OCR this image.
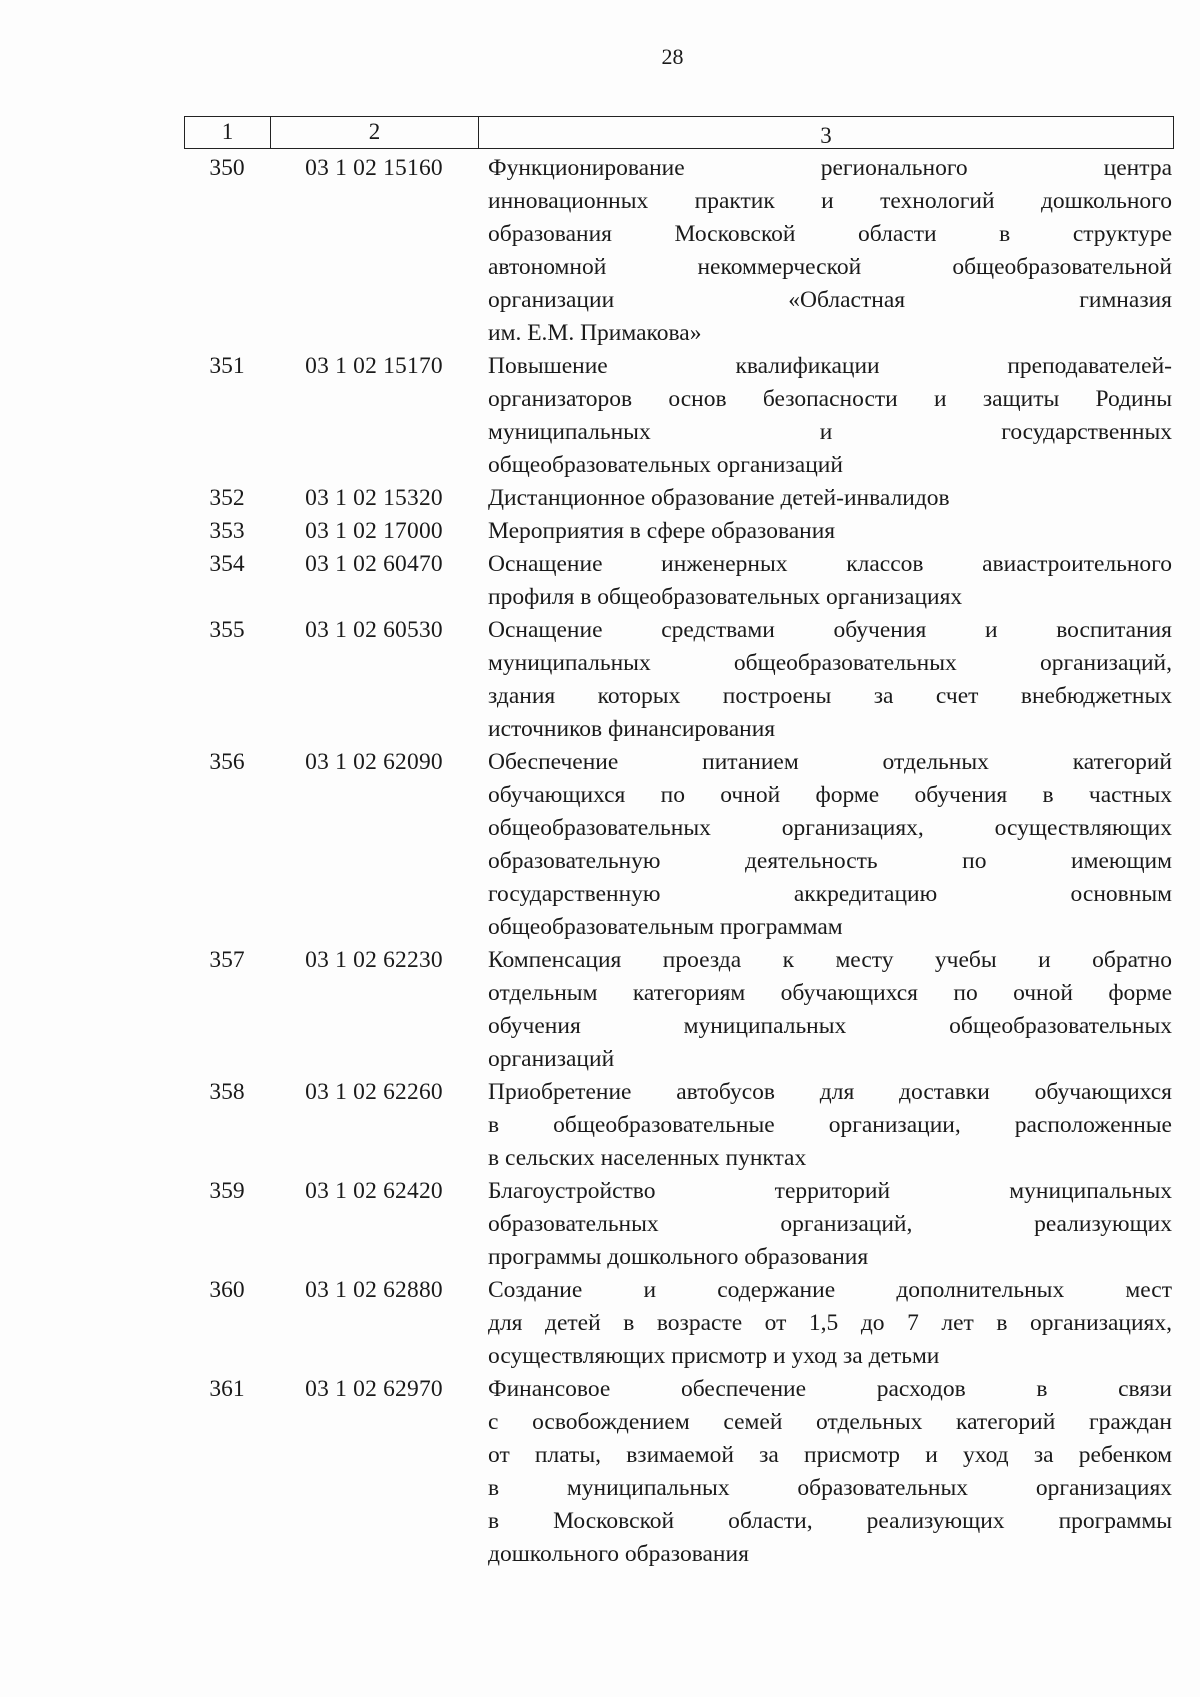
28
1	2	3
350	03 1 02 15160	Функционирование регионального центра
инновационных практик и технологий дошкольного
образования Московской области в структуре
автономной некоммерческой общеобразовательной
организации «Областная гимназия
им. Е.М. Примакова»
351	03 1 02 15170	Повышение квалификации преподавателей-
организаторов основ безопасности и защиты Родины
муниципальных и государственных
общеобразовательных организаций
352	03 1 02 15320	Дистанционное образование детей-инвалидов
353	03 1 02 17000	Мероприятия в сфере образования
354	03 1 02 60470	Оснащение инженерных классов авиастроительного
профиля в общеобразовательных организациях
355	03 1 02 60530	Оснащение средствами обучения и воспитания
муниципальных общеобразовательных организаций,
здания которых построены за счет внебюджетных
источников финансирования
356	03 1 02 62090	Обеспечение питанием отдельных категорий
обучающихся по очной форме обучения в частных
общеобразовательных организациях, осуществляющих
образовательную деятельность по имеющим
государственную аккредитацию основным
общеобразовательным программам
357	03 1 02 62230	Компенсация проезда к месту учебы и обратно
отдельным категориям обучающихся по очной форме
обучения муниципальных общеобразовательных
организаций
358	03 1 02 62260	Приобретение автобусов для доставки обучающихся
в общеобразовательные организации, расположенные
в сельских населенных пунктах
359	03 1 02 62420	Благоустройство территорий муниципальных
образовательных организаций, реализующих
программы дошкольного образования
360	03 1 02 62880	Создание и содержание дополнительных мест
для детей в возрасте от 1,5 до 7 лет в организациях,
осуществляющих присмотр и уход за детьми
361	03 1 02 62970	Финансовое обеспечение расходов в связи
с освобождением семей отдельных категорий граждан
от платы, взимаемой за присмотр и уход за ребенком
в муниципальных образовательных организациях
в Московской области, реализующих программы
дошкольного образования
